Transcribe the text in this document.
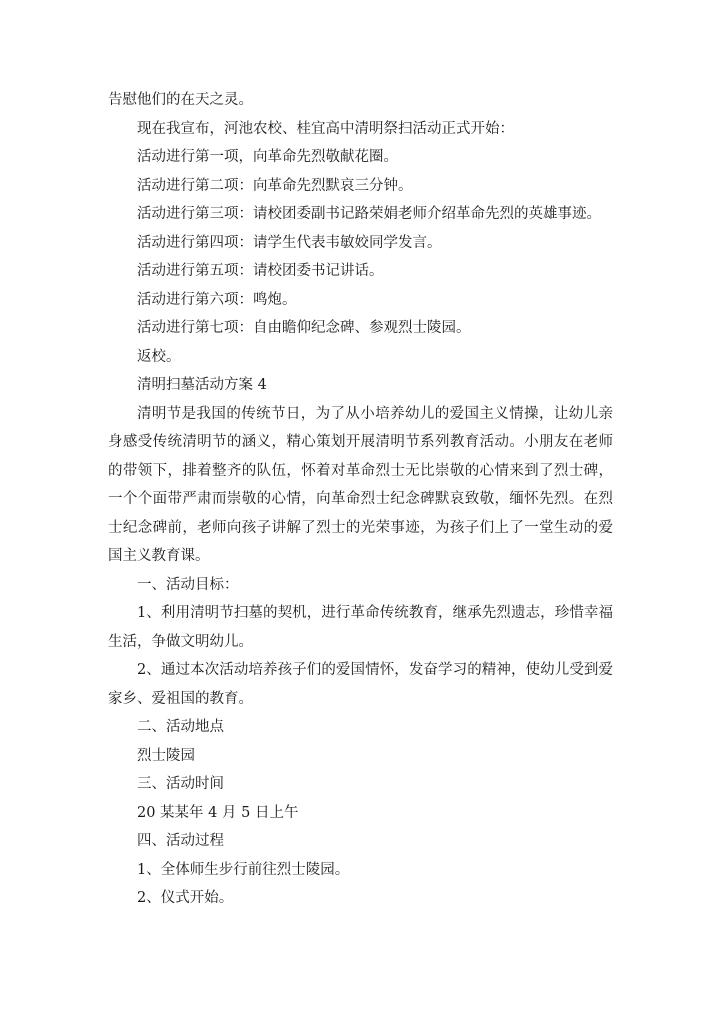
告慰他们的在天之灵。

现在我宣布，河池农校、桂宜高中清明祭扫活动正式开始：

活动进行第一项，向革命先烈敬献花圈。

活动进行第二项：向革命先烈默哀三分钟。

活动进行第三项：请校团委副书记路荣娟老师介绍革命先烈的英雄事迹。

活动进行第四项：请学生代表韦敏姣同学发言。

活动进行第五项：请校团委书记讲话。

活动进行第六项：鸣炮。

活动进行第七项：自由瞻仰纪念碑、参观烈士陵园。

返校。

清明扫墓活动方案 4

清明节是我国的传统节日，为了从小培养幼儿的爱国主义情操，让幼儿亲身感受传统清明节的涵义，精心策划开展清明节系列教育活动。小朋友在老师的带领下，排着整齐的队伍，怀着对革命烈士无比崇敬的心情来到了烈士碑，一个个面带严肃而崇敬的心情，向革命烈士纪念碑默哀致敬，缅怀先烈。在烈士纪念碑前，老师向孩子讲解了烈士的光荣事迹，为孩子们上了一堂生动的爱国主义教育课。

一、活动目标：

1、利用清明节扫墓的契机，进行革命传统教育，继承先烈遗志，珍惜幸福生活，争做文明幼儿。

2、通过本次活动培养孩子们的爱国情怀，发奋学习的精神，使幼儿受到爱家乡、爱祖国的教育。

二、活动地点

烈士陵园

三、活动时间

20 某某年 4 月 5 日上午

四、活动过程

1、全体师生步行前往烈士陵园。

2、仪式开始。
